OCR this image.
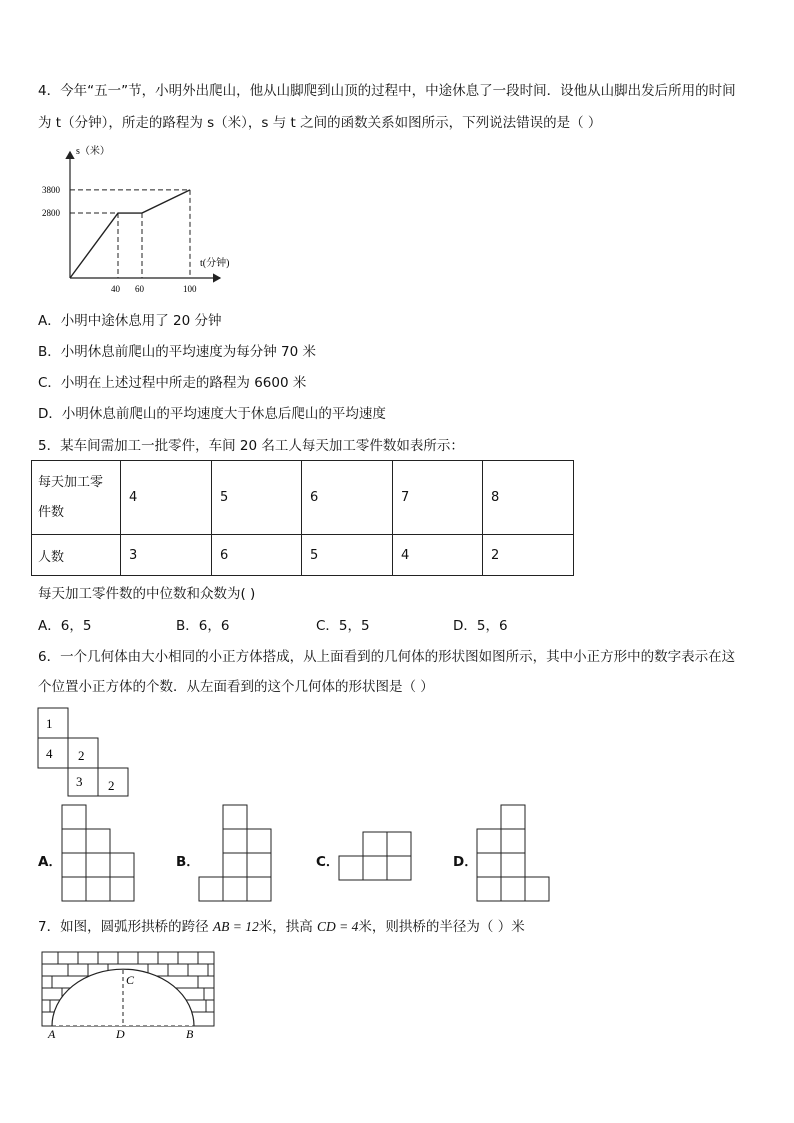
4．今年“五一”节，小明外出爬山，他从山脚爬到山顶的过程中，中途休息了一段时间．设他从山脚出发后所用的时间
为 t（分钟），所走的路程为 s（米），s 与 t 之间的函数关系如图所示，下列说法错误的是（ ）
s（米）
t(分钟)
2800
3800
40 60	100
A．小明中途休息用了 20 分钟
B．小明休息前爬山的平均速度为每分钟 70 米
C．小明在上述过程中所走的路程为 6600 米
D．小明休息前爬山的平均速度大于休息后爬山的平均速度
5．某车间需加工一批零件，车间 20 名工人每天加工零件数如表所示：
每天加工零
件数	4	5	6	7	8
人数	3	6	5	4	2
每天加工零件数的中位数和众数为( )
A．6，5	B．6，6	C．5，5	D．5，6
6．一个几何体由大小相同的小正方体搭成，从上面看到的几何体的形状图如图所示，其中小正方形中的数字表示在这
个位置小正方体的个数．从左面看到的这个几何体的形状图是（ ）
1
4 2
3 2
A．	B．	C．	D．
7．如图，圆弧形拱桥的跨径 AB = 12米，拱高 CD = 4米，则拱桥的半径为（ ）米
A	D	B
C
